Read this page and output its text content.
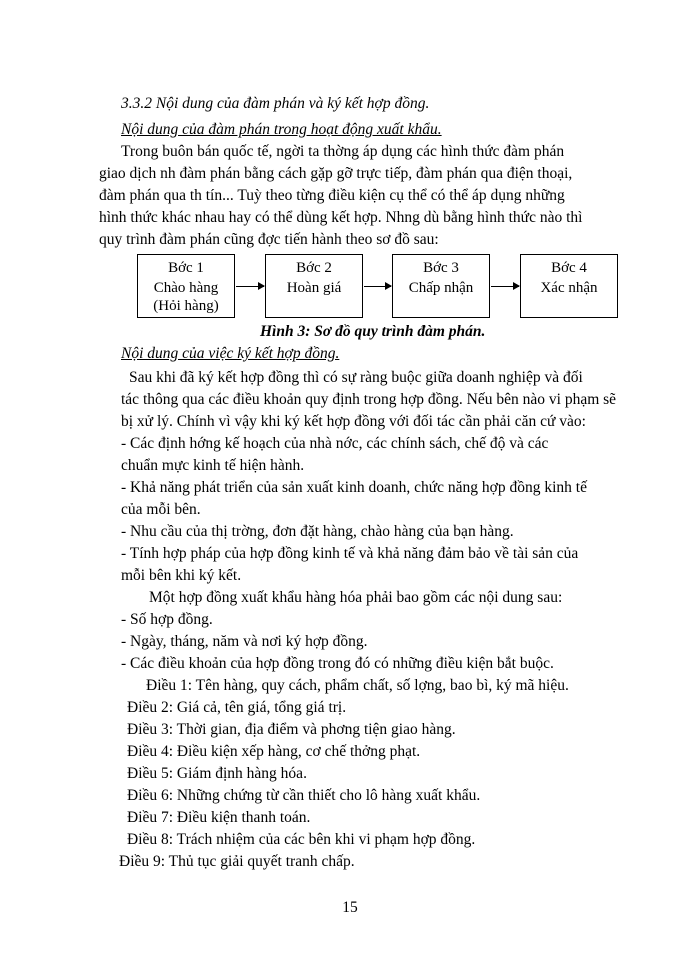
3.3.2 Nội dung của đàm phán và ký kết hợp đồng.
Nội dung của đàm phán trong hoạt động xuất khẩu.
Trong buôn bán quốc tế, ngời ta thờng áp dụng các hình thức đàm phán
giao dịch nh đàm phán bằng cách gặp gỡ trực tiếp, đàm phán qua điện thoại,
đàm phán qua th tín... Tuỳ theo từng điều kiện cụ thể có thể áp dụng những
hình thức khác nhau hay có thể dùng kết hợp. Nhng dù bằng hình thức nào thì
quy trình đàm phán cũng đợc tiến hành theo sơ đồ sau:
Bớc 1
Chào hàng
(Hỏi hàng)
Bớc 2
Hoàn giá
Bớc 3
Chấp nhận
Bớc 4
Xác nhận
Hình 3: Sơ đồ quy trình đàm phán.
Nội dung của việc ký kết hợp đồng.
Sau khi đã ký kết hợp đồng thì có sự ràng buộc giữa doanh nghiệp và đối
tác thông qua các điều khoản quy định trong hợp đồng. Nếu bên nào vi phạm sẽ
bị xử lý. Chính vì vậy khi ký kết hợp đồng với đối tác cần phải căn cứ vào:
- Các định hớng kế hoạch của nhà nớc, các chính sách, chế độ và các
chuẩn mực kinh tế hiện hành.
- Khả năng phát triển của sản xuất kinh doanh, chức năng hợp đồng kinh tế
của mỗi bên.
- Nhu cầu của thị trờng, đơn đặt hàng, chào hàng của bạn hàng.
- Tính hợp pháp của hợp đồng kinh tế và khả năng đảm bảo về tài sản của
mỗi bên khi ký kết.
Một hợp đồng xuất khẩu hàng hóa phải bao gồm các nội dung sau:
- Số hợp đồng.
- Ngày, tháng, năm và nơi ký hợp đồng.
- Các điều khoản của hợp đồng trong đó có những điều kiện bắt buộc.
Điều 1: Tên hàng, quy cách, phẩm chất, số lợng, bao bì, ký mã hiệu.
Điều 2: Giá cả, tên giá, tổng giá trị.
Điều 3: Thời gian, địa điểm và phơng tiện giao hàng.
Điều 4: Điều kiện xếp hàng, cơ chế thởng phạt.
Điều 5: Giám định hàng hóa.
Điều 6: Những chứng từ cần thiết cho lô hàng xuất khẩu.
Điều 7: Điều kiện thanh toán.
Điều 8: Trách nhiệm của các bên khi vi phạm hợp đồng.
Điều 9: Thủ tục giải quyết tranh chấp.
15
